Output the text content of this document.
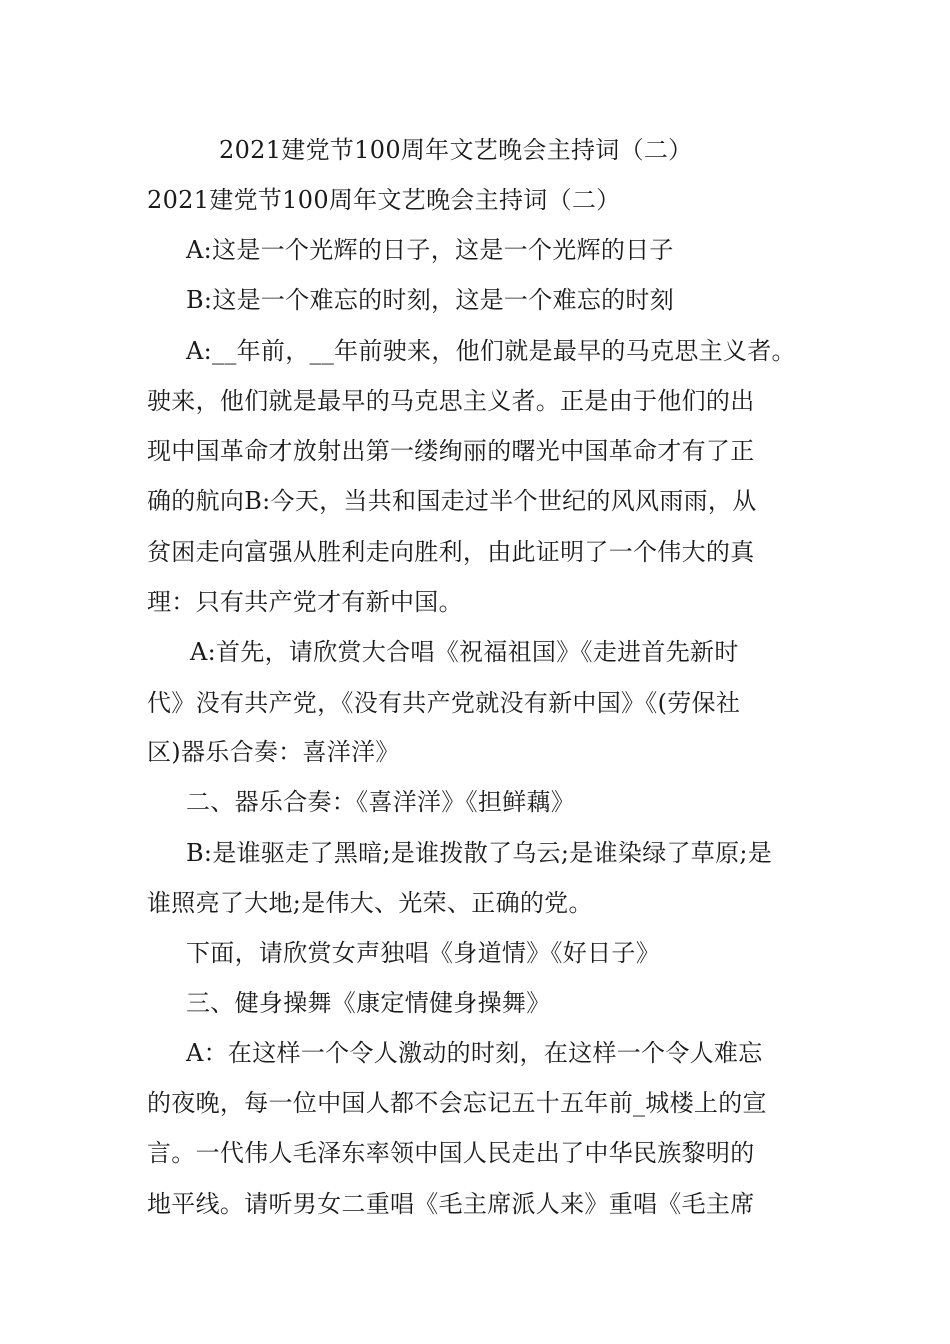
2021建党节100周年文艺晚会主持词（二）
2021建党节100周年文艺晚会主持词（二）
A:这是一个光辉的日子，这是一个光辉的日子
B:这是一个难忘的时刻，这是一个难忘的时刻
A:__年前，__年前驶来，他们就是最早的马克思主义者。
驶来，他们就是最早的马克思主义者。正是由于他们的出
现中国革命才放射出第一缕绚丽的曙光中国革命才有了正
确的航向B:今天，当共和国走过半个世纪的风风雨雨，从
贫困走向富强从胜利走向胜利，由此证明了一个伟大的真
理：只有共产党才有新中国。
A:首先，请欣赏大合唱《祝福祖国》《走进首先新时
代》没有共产党，《没有共产党就没有新中国》《(劳保社
区)器乐合奏：喜洋洋》
二、器乐合奏：《喜洋洋》《担鲜藕》
B:是谁驱走了黑暗;是谁拨散了乌云;是谁染绿了草原;是
谁照亮了大地;是伟大、光荣、正确的党。
下面，请欣赏女声独唱《身道情》《好日子》
三、健身操舞《康定情健身操舞》
A：在这样一个令人激动的时刻，在这样一个令人难忘
的夜晚，每一位中国人都不会忘记五十五年前_城楼上的宣
言。一代伟人毛泽东率领中国人民走出了中华民族黎明的
地平线。请听男女二重唱《毛主席派人来》重唱《毛主席
